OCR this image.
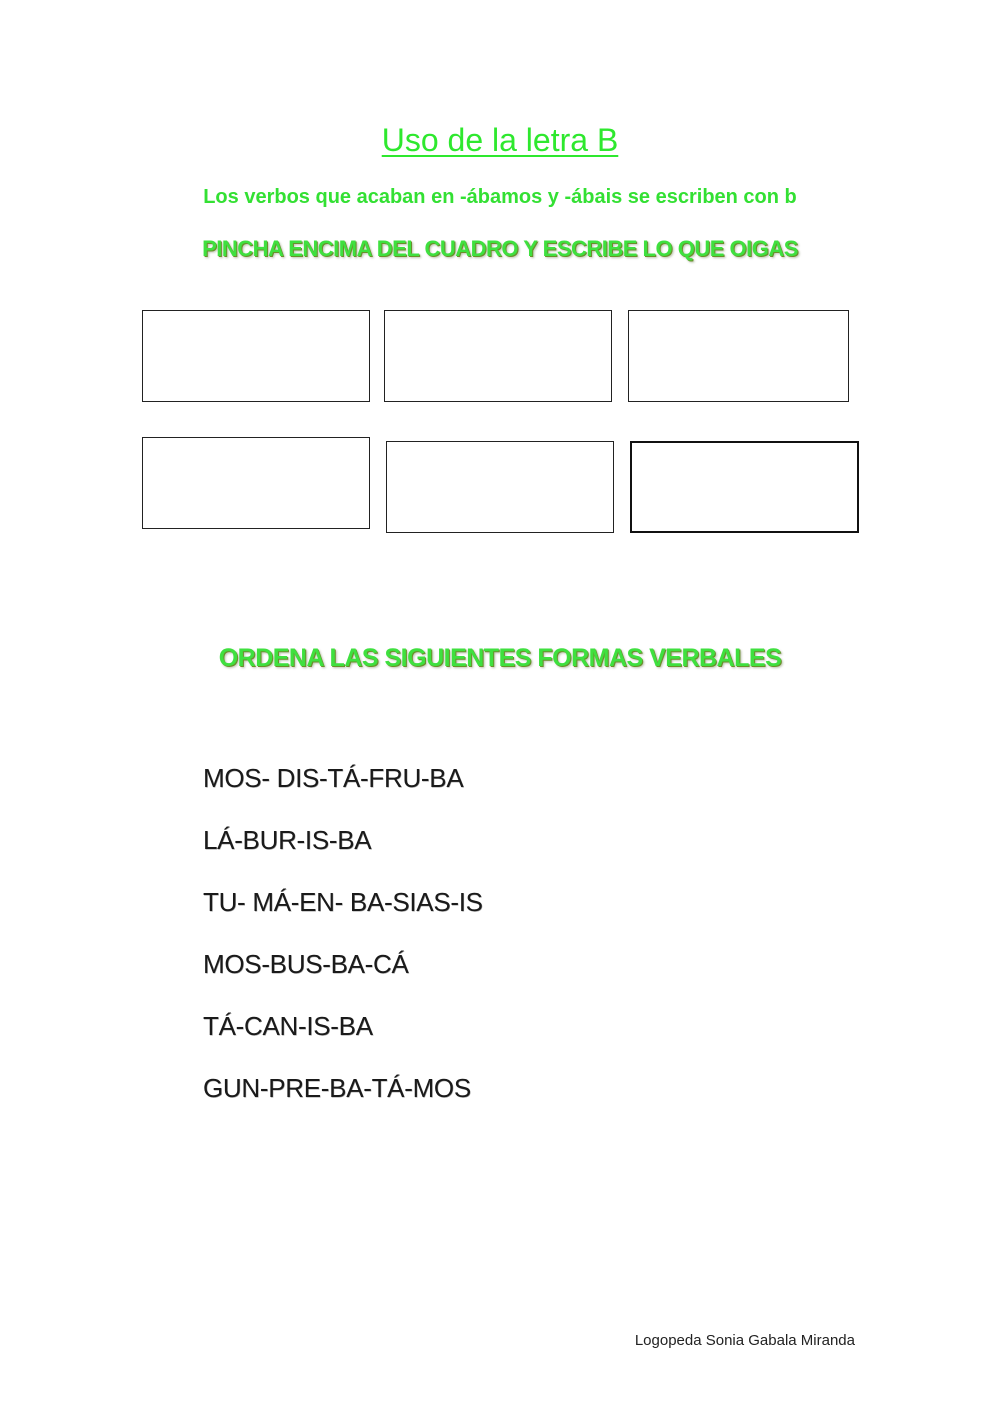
Uso de la letra B

Los verbos que acaban en -ábamos y -ábais se escriben con b

PINCHA ENCIMA DEL CUADRO Y ESCRIBE LO QUE OIGAS

ORDENA LAS SIGUIENTES FORMAS VERBALES

MOS- DIS-TÁ-FRU-BA
LÁ-BUR-IS-BA
TU- MÁ-EN- BA-SIAS-IS
MOS-BUS-BA-CÁ
TÁ-CAN-IS-BA
GUN-PRE-BA-TÁ-MOS

Logopeda Sonia Gabala Miranda
